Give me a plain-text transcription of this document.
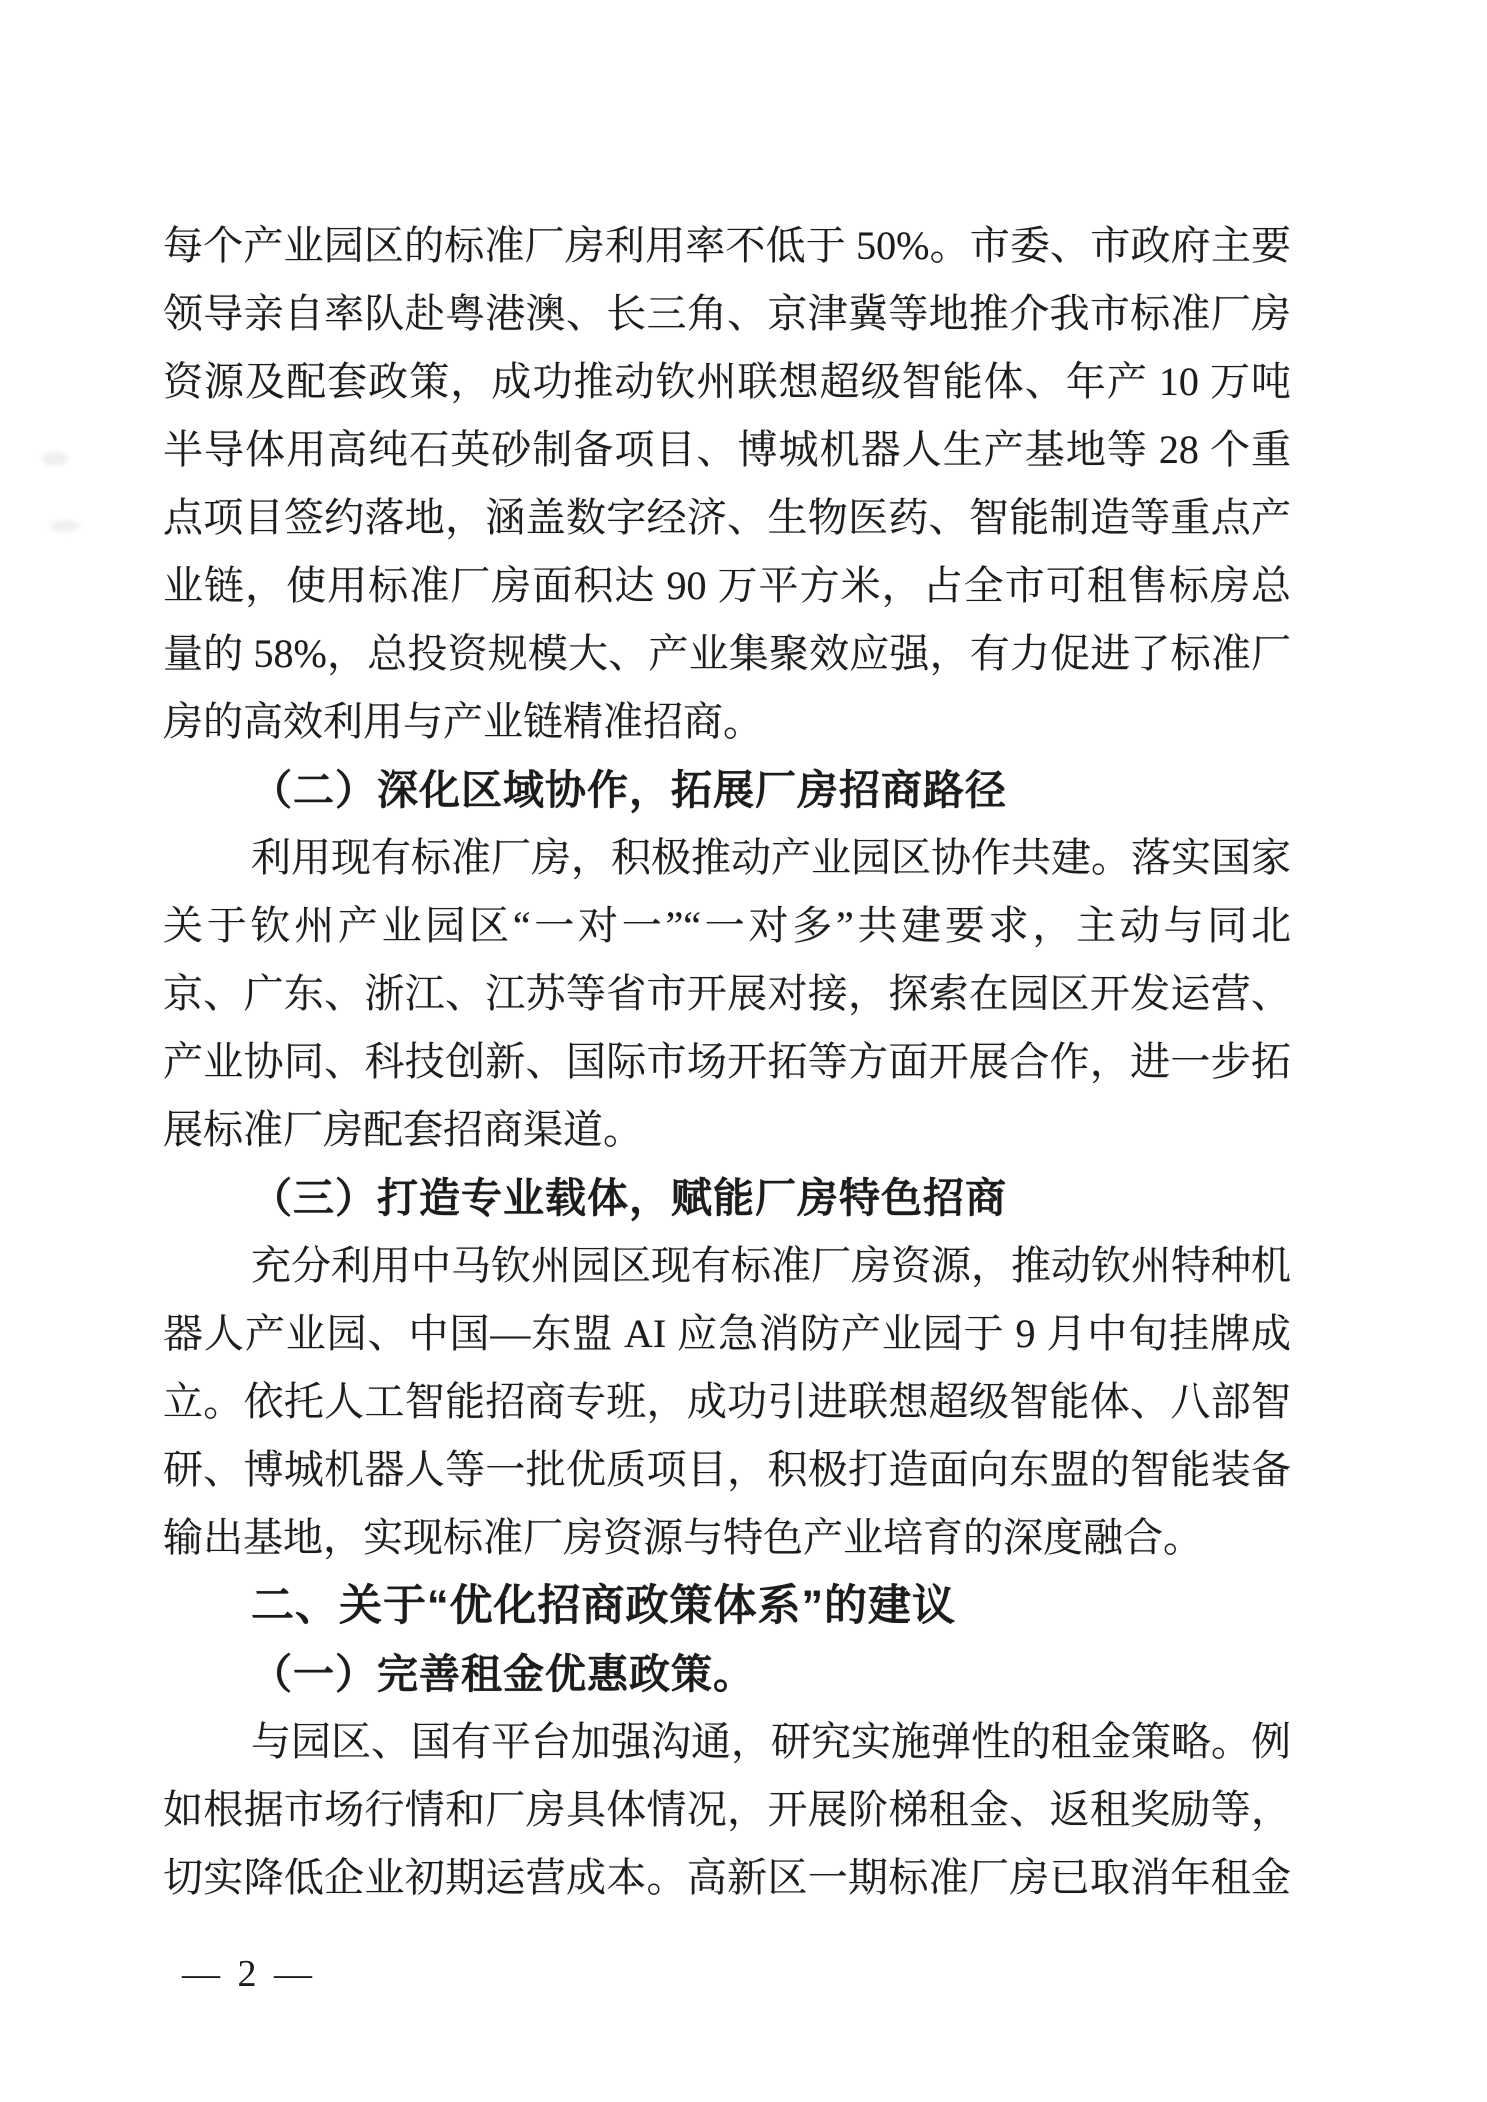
每个产业园区的标准厂房利用率不低于 50%。市委、市政府主要
领导亲自率队赴粤港澳、长三角、京津冀等地推介我市标准厂房
资源及配套政策，成功推动钦州联想超级智能体、年产 10 万吨
半导体用高纯石英砂制备项目、博城机器人生产基地等 28 个重
点项目签约落地，涵盖数字经济、生物医药、智能制造等重点产
业链，使用标准厂房面积达 90 万平方米，占全市可租售标房总
量的 58%，总投资规模大、产业集聚效应强，有力促进了标准厂
房的高效利用与产业链精准招商。
（二）深化区域协作，拓展厂房招商路径
利用现有标准厂房，积极推动产业园区协作共建。落实国家
关于钦州产业园区“一对一”“一对多”共建要求，主动与同北
京、广东、浙江、江苏等省市开展对接，探索在园区开发运营、
产业协同、科技创新、国际市场开拓等方面开展合作，进一步拓
展标准厂房配套招商渠道。
（三）打造专业载体，赋能厂房特色招商
充分利用中马钦州园区现有标准厂房资源，推动钦州特种机
器人产业园、中国—东盟 AI 应急消防产业园于 9 月中旬挂牌成
立。依托人工智能招商专班，成功引进联想超级智能体、八部智
研、博城机器人等一批优质项目，积极打造面向东盟的智能装备
输出基地，实现标准厂房资源与特色产业培育的深度融合。
二、关于“优化招商政策体系”的建议
（一）完善租金优惠政策。
与园区、国有平台加强沟通，研究实施弹性的租金策略。例
如根据市场行情和厂房具体情况，开展阶梯租金、返租奖励等，
切实降低企业初期运营成本。高新区一期标准厂房已取消年租金
— 2 —
